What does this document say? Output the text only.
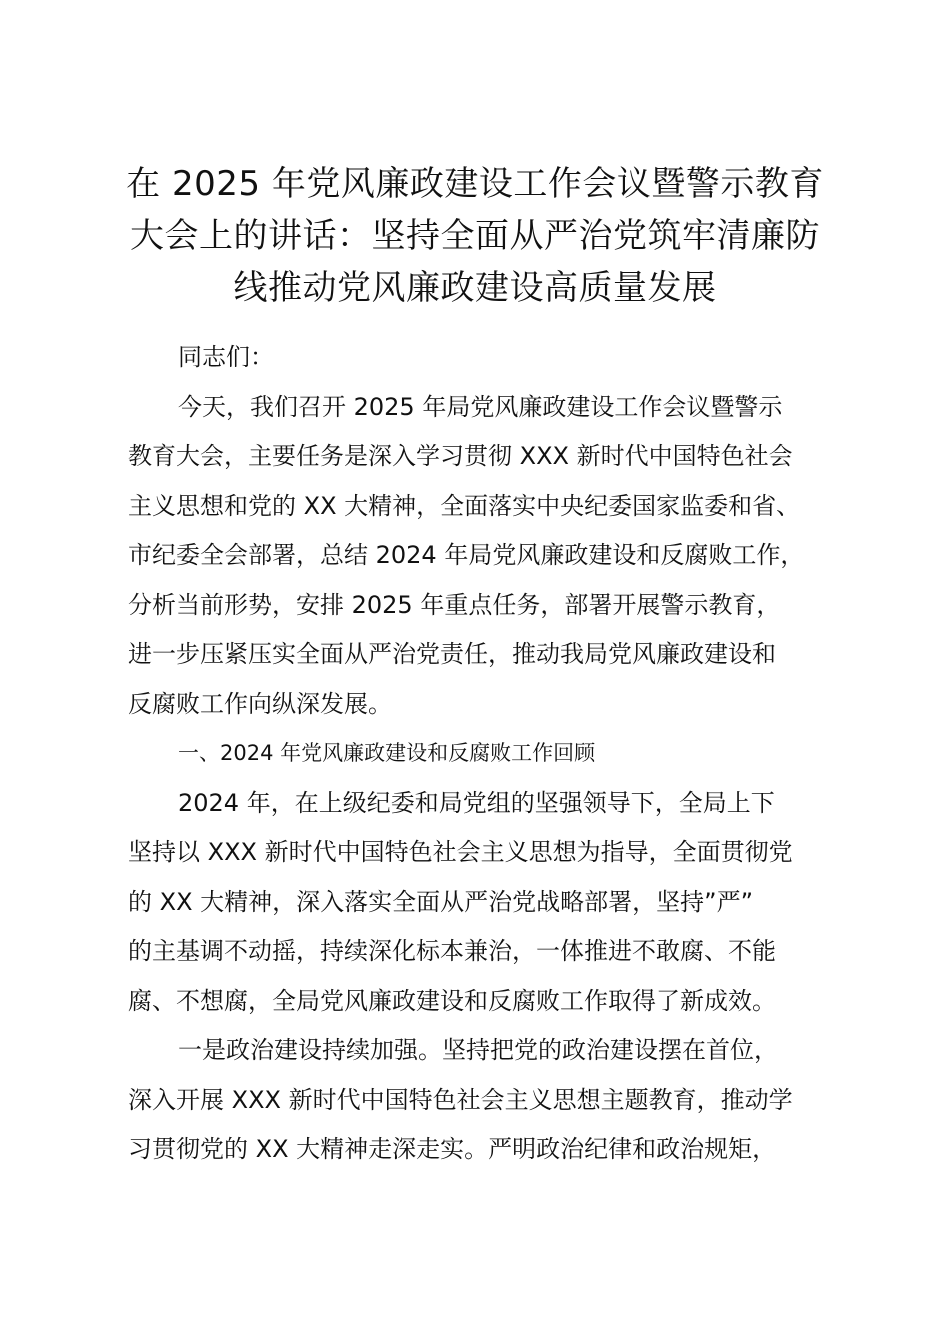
在 2025 年党风廉政建设工作会议暨警示教育
大会上的讲话：坚持全面从严治党筑牢清廉防
线推动党风廉政建设高质量发展

同志们：

今天，我们召开 2025 年局党风廉政建设工作会议暨警示
教育大会，主要任务是深入学习贯彻 XXX 新时代中国特色社会
主义思想和党的 XX 大精神，全面落实中央纪委国家监委和省、
市纪委全会部署，总结 2024 年局党风廉政建设和反腐败工作，
分析当前形势，安排 2025 年重点任务，部署开展警示教育，
进一步压紧压实全面从严治党责任，推动我局党风廉政建设和
反腐败工作向纵深发展。

一、2024 年党风廉政建设和反腐败工作回顾

2024 年，在上级纪委和局党组的坚强领导下，全局上下
坚持以 XXX 新时代中国特色社会主义思想为指导，全面贯彻党
的 XX 大精神，深入落实全面从严治党战略部署，坚持”严”
的主基调不动摇，持续深化标本兼治，一体推进不敢腐、不能
腐、不想腐，全局党风廉政建设和反腐败工作取得了新成效。

一是政治建设持续加强。坚持把党的政治建设摆在首位，
深入开展 XXX 新时代中国特色社会主义思想主题教育，推动学
习贯彻党的 XX 大精神走深走实。严明政治纪律和政治规矩，
